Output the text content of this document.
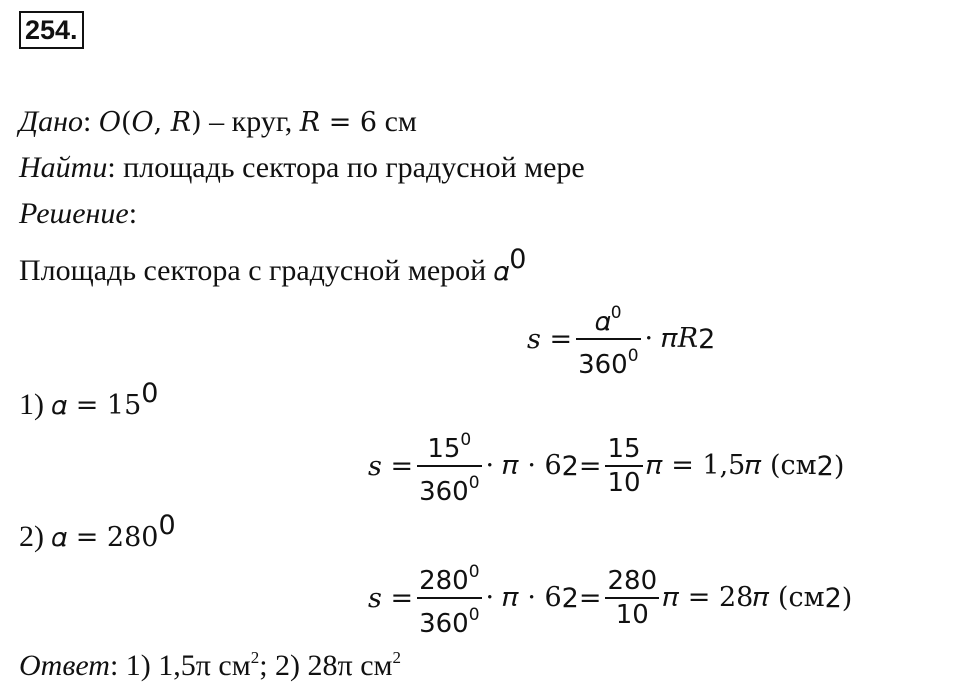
254.
Дано: 𝑂(𝑂, 𝑅) – круг, 𝑅 = 6 см
Найти: площадь сектора по градусной мере
Решение:
Площадь сектора с градусной мерой 𝛼0
𝑠 = $\frac{𝛼^0}{360^0}$ · 𝜋𝑅 2
1) 𝛼 = 150
𝑠 = $\frac{15^0}{360^0}$ · 𝜋 · 6 $2 = \frac{15}{10}$ 𝜋 = 1,5𝜋 (см 2 )
2) 𝛼 = 2800
𝑠 = $\frac{280^0}{360^0}$ · 𝜋 · 6 $2 = \frac{280}{10}$ 𝜋 = 28𝜋 (см 2 )
Ответ: 1) 1,5π $см^2$; 2) 28π $см^2$
